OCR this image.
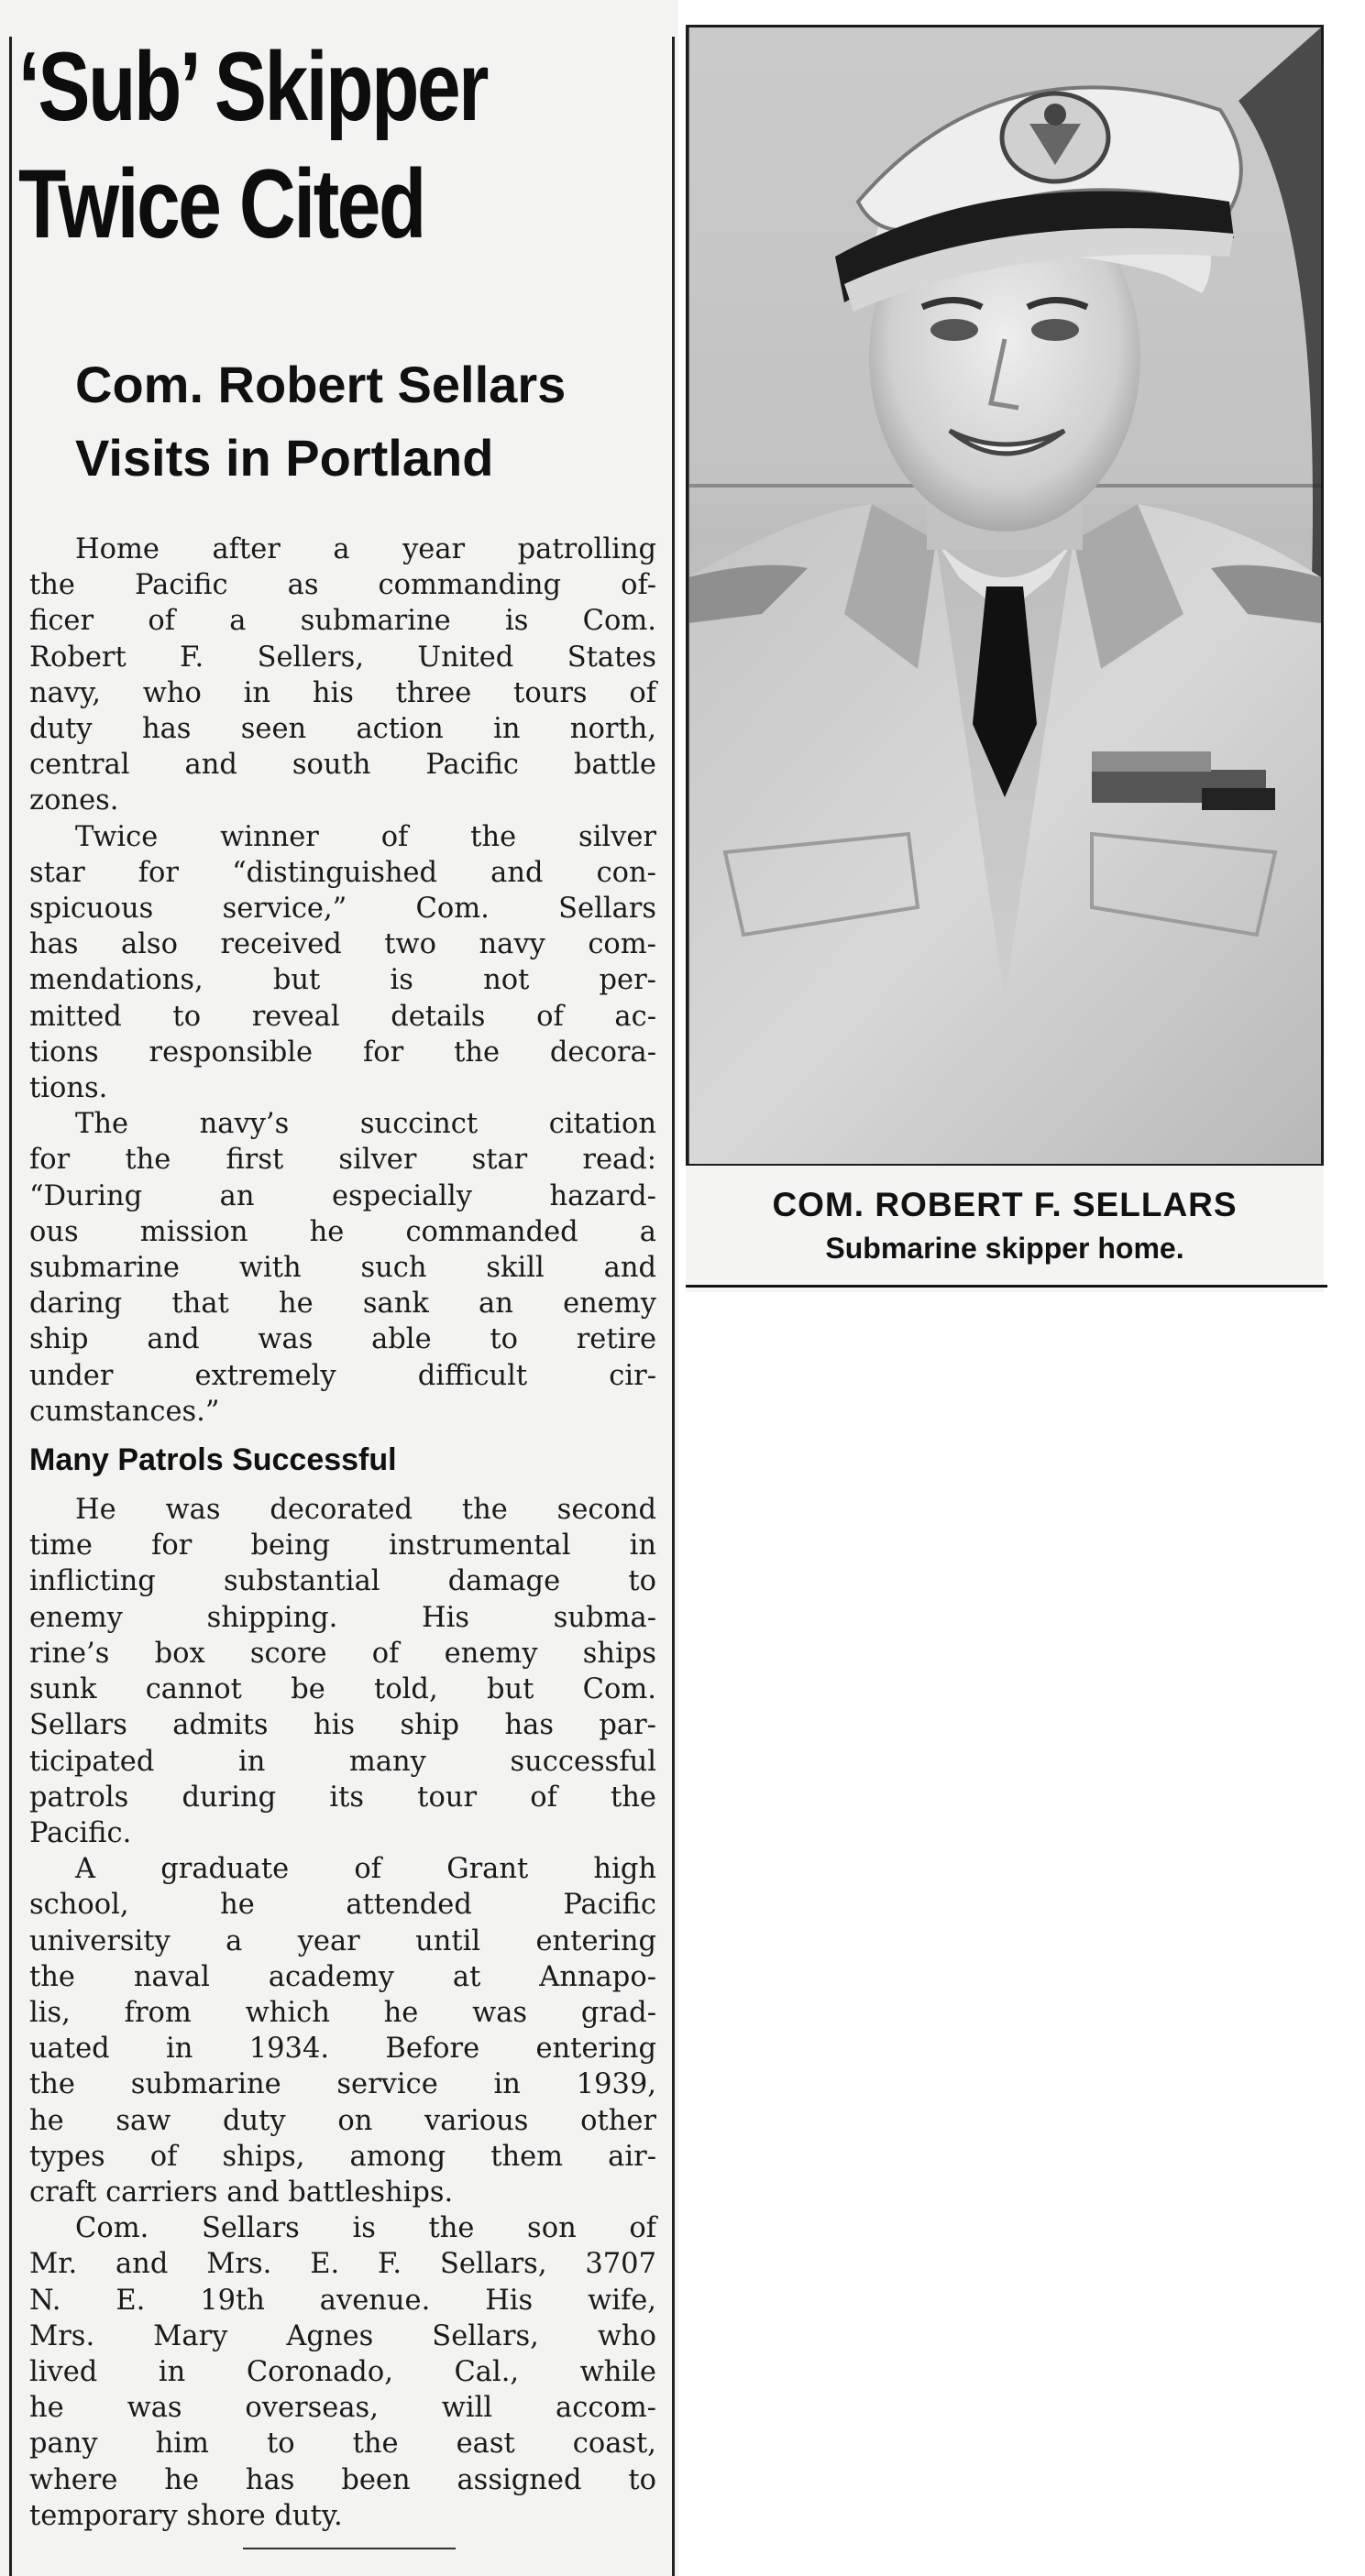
‘Sub’ Skipper
Twice Cited
Com. Robert Sellars
Visits in Portland
Home after a year patrolling
the Pacific as commanding of-
ficer of a submarine is Com.
Robert F. Sellers, United States
navy, who in his three tours of
duty has seen action in north,
central and south Pacific battle
zones.
Twice winner of the silver
star for “distinguished and con-
spicuous service,” Com. Sellars
has also received two navy com-
mendations, but is not per-
mitted to reveal details of ac-
tions responsible for the decora-
tions.
The navy’s succinct citation
for the first silver star read:
“During an especially hazard-
ous mission he commanded a
submarine with such skill and
daring that he sank an enemy
ship and was able to retire
under extremely difficult cir-
cumstances.”
Many Patrols Successful
He was decorated the second
time for being instrumental in
inflicting substantial damage to
enemy shipping. His subma-
rine’s box score of enemy ships
sunk cannot be told, but Com.
Sellars admits his ship has par-
ticipated in many successful
patrols during its tour of the
Pacific.
A graduate of Grant high
school, he attended Pacific
university a year until entering
the naval academy at Annapo-
lis, from which he was grad-
uated in 1934. Before entering
the submarine service in 1939,
he saw duty on various other
types of ships, among them air-
craft carriers and battleships.
Com. Sellars is the son of
Mr. and Mrs. E. F. Sellars, 3707
N. E. 19th avenue. His wife,
Mrs. Mary Agnes Sellars, who
lived in Coronado, Cal., while
he was overseas, will accom-
pany him to the east coast,
where he has been assigned to
temporary shore duty.
COM. ROBERT F. SELLARS
Submarine skipper home.
